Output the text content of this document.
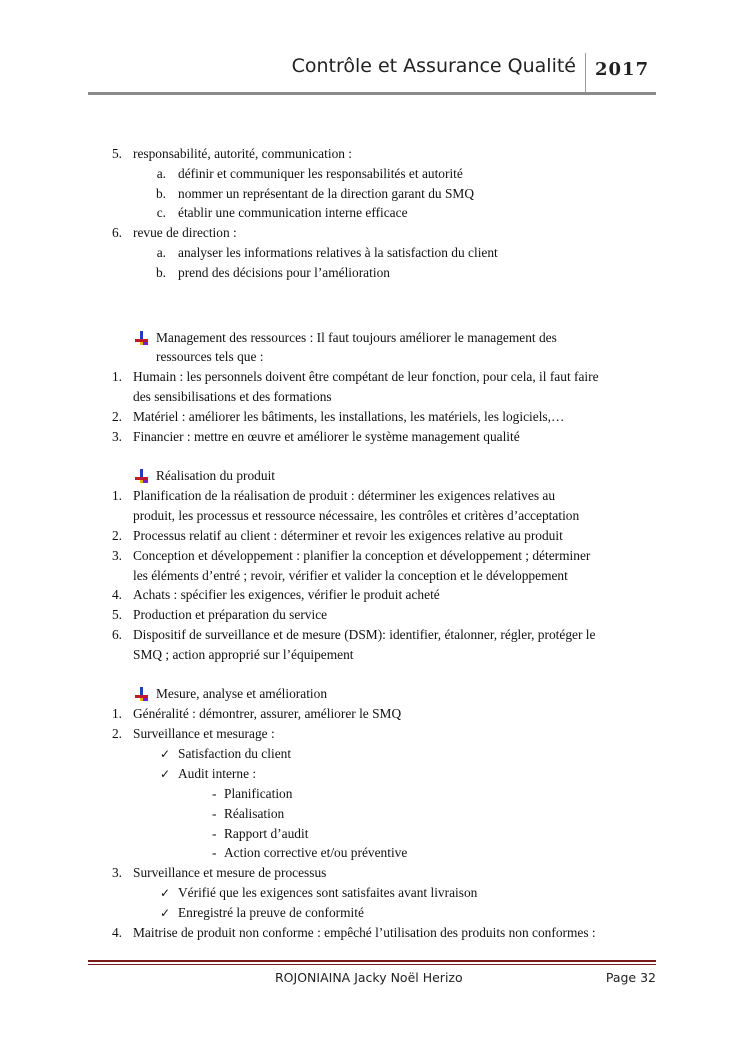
Contrôle et Assurance Qualité 2017
5. responsabilité, autorité, communication :
a. définir et communiquer les responsabilités et autorité
b. nommer un représentant de la direction garant du SMQ
c. établir une communication interne efficace
6. revue de direction :
a. analyser les informations relatives à la satisfaction du client
b. prend des décisions pour l’amélioration
Management des ressources : Il faut toujours améliorer le management des
ressources tels que :
1. Humain : les personnels doivent être compétant de leur fonction, pour cela, il faut faire
des sensibilisations et des formations
2. Matériel : améliorer les bâtiments, les installations, les matériels, les logiciels,…
3. Financier : mettre en œuvre et améliorer le système management qualité
Réalisation du produit
1. Planification de la réalisation de produit : déterminer les exigences relatives au
produit, les processus et ressource nécessaire, les contrôles et critères d’acceptation
2. Processus relatif au client : déterminer et revoir les exigences relative au produit
3. Conception et développement : planifier la conception et développement ; déterminer
les éléments d’entré ; revoir, vérifier et valider la conception et le développement
4. Achats : spécifier les exigences, vérifier le produit acheté
5. Production et préparation du service
6. Dispositif de surveillance et de mesure (DSM): identifier, étalonner, régler, protéger le
SMQ ; action approprié sur l’équipement
Mesure, analyse et amélioration
1. Généralité : démontrer, assurer, améliorer le SMQ
2. Surveillance et mesurage :
✓ Satisfaction du client
✓ Audit interne :
- Planification
- Réalisation
- Rapport d’audit
- Action corrective et/ou préventive
3. Surveillance et mesure de processus
✓ Vérifié que les exigences sont satisfaites avant livraison
✓ Enregistré la preuve de conformité
4. Maitrise de produit non conforme : empêché l’utilisation des produits non conformes :
ROJONIAINA Jacky Noël Herizo	Page 32
